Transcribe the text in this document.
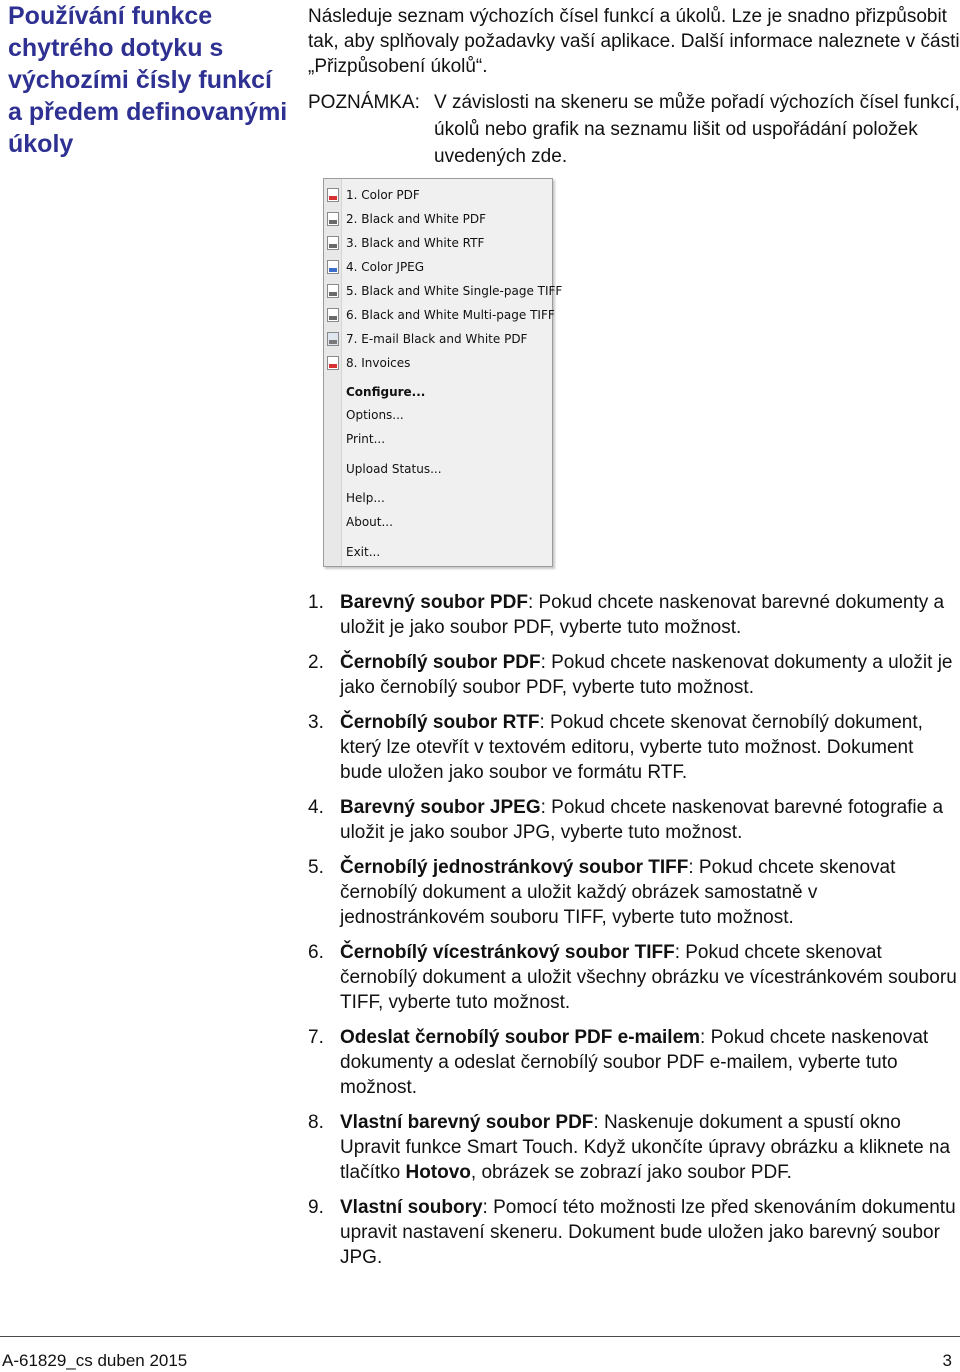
Používání funkce chytrého dotyku s výchozími čísly funkcí a předem definovanými úkoly

Následuje seznam výchozích čísel funkcí a úkolů. Lze je snadno přizpůsobit tak, aby splňovaly požadavky vaší aplikace. Další informace naleznete v části „Přizpůsobení úkolů“.

POZNÁMKA: V závislosti na skeneru se může pořadí výchozích čísel funkcí, úkolů nebo grafik na seznamu lišit od uspořádání položek uvedených zde.
1. Color PDF
2. Black and White PDF
3. Black and White RTF
4. Color JPEG
5. Black and White Single-page TIFF
6. Black and White Multi-page TIFF
7. E-mail Black and White PDF
8. Invoices
Configure...
Options...
Print...
Upload Status...
Help...
About...
Exit...
1. Barevný soubor PDF: Pokud chcete naskenovat barevné dokumenty a uložit je jako soubor PDF, vyberte tuto možnost.
2. Černobílý soubor PDF: Pokud chcete naskenovat dokumenty a uložit je jako černobílý soubor PDF, vyberte tuto možnost.
3. Černobílý soubor RTF: Pokud chcete skenovat černobílý dokument, který lze otevřít v textovém editoru, vyberte tuto možnost. Dokument bude uložen jako soubor ve formátu RTF.
4. Barevný soubor JPEG: Pokud chcete naskenovat barevné fotografie a uložit je jako soubor JPG, vyberte tuto možnost.
5. Černobílý jednostránkový soubor TIFF: Pokud chcete skenovat černobílý dokument a uložit každý obrázek samostatně v jednostránkovém souboru TIFF, vyberte tuto možnost.
6. Černobílý vícestránkový soubor TIFF: Pokud chcete skenovat černobílý dokument a uložit všechny obrázku ve vícestránkovém souboru TIFF, vyberte tuto možnost.
7. Odeslat černobílý soubor PDF e-mailem: Pokud chcete naskenovat dokumenty a odeslat černobílý soubor PDF e-mailem, vyberte tuto možnost.
8. Vlastní barevný soubor PDF: Naskenuje dokument a spustí okno Upravit funkce Smart Touch. Když ukončíte úpravy obrázku a kliknete na tlačítko Hotovo, obrázek se zobrazí jako soubor PDF.
9. Vlastní soubory: Pomocí této možnosti lze před skenováním dokumentu upravit nastavení skeneru. Dokument bude uložen jako barevný soubor JPG.
A-61829_cs duben 2015	3
